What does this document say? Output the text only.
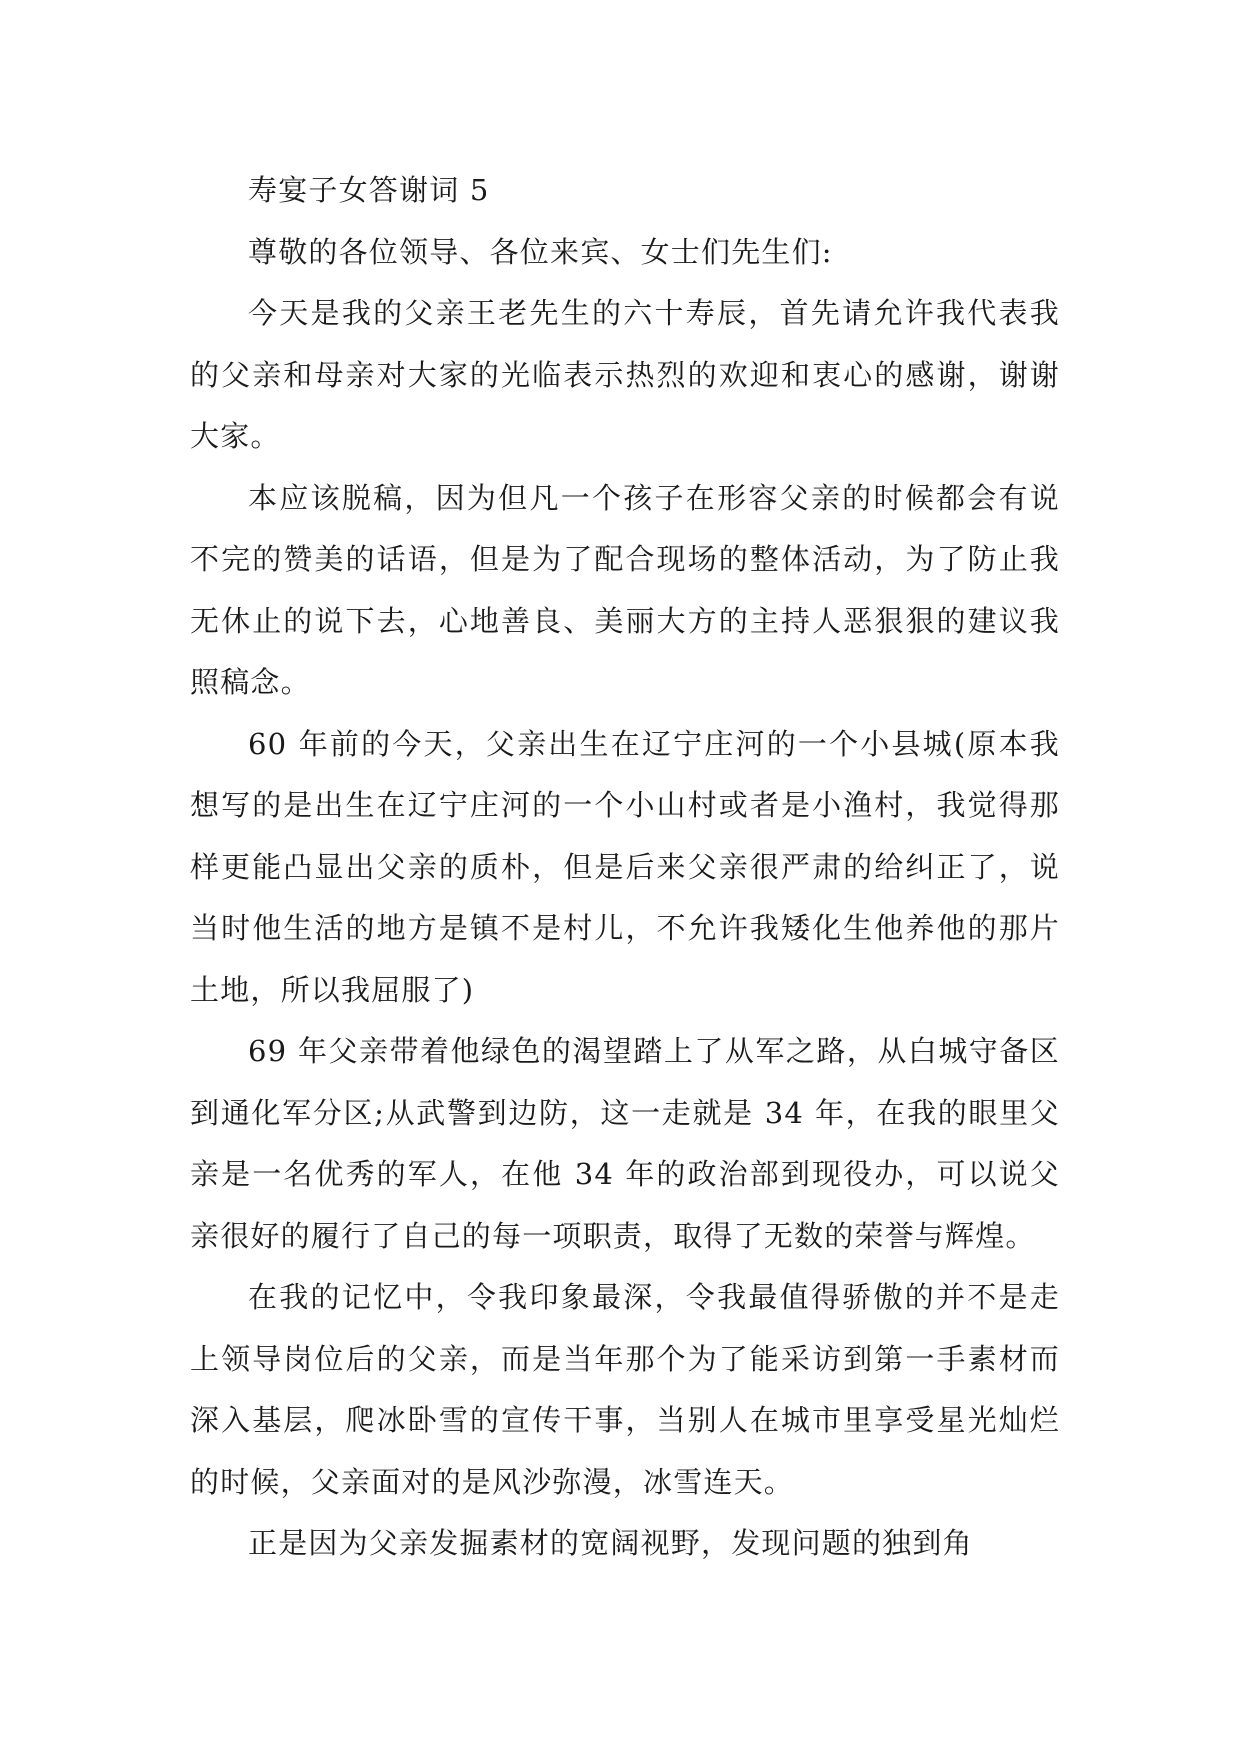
寿宴子女答谢词 5

尊敬的各位领导、各位来宾、女士们先生们:

今天是我的父亲王老先生的六十寿辰，首先请允许我代表我的父亲和母亲对大家的光临表示热烈的欢迎和衷心的感谢，谢谢大家。

本应该脱稿，因为但凡一个孩子在形容父亲的时候都会有说不完的赞美的话语，但是为了配合现场的整体活动，为了防止我无休止的说下去，心地善良、美丽大方的主持人恶狠狠的建议我照稿念。

60 年前的今天，父亲出生在辽宁庄河的一个小县城(原本我想写的是出生在辽宁庄河的一个小山村或者是小渔村，我觉得那样更能凸显出父亲的质朴，但是后来父亲很严肃的给纠正了，说当时他生活的地方是镇不是村儿，不允许我矮化生他养他的那片土地，所以我屈服了)

69 年父亲带着他绿色的渴望踏上了从军之路，从白城守备区到通化军分区;从武警到边防，这一走就是 34 年，在我的眼里父亲是一名优秀的军人，在他 34 年的政治部到现役办，可以说父亲很好的履行了自己的每一项职责，取得了无数的荣誉与辉煌。

在我的记忆中，令我印象最深，令我最值得骄傲的并不是走上领导岗位后的父亲，而是当年那个为了能采访到第一手素材而深入基层，爬冰卧雪的宣传干事，当别人在城市里享受星光灿烂的时候，父亲面对的是风沙弥漫，冰雪连天。

正是因为父亲发掘素材的宽阔视野，发现问题的独到角
